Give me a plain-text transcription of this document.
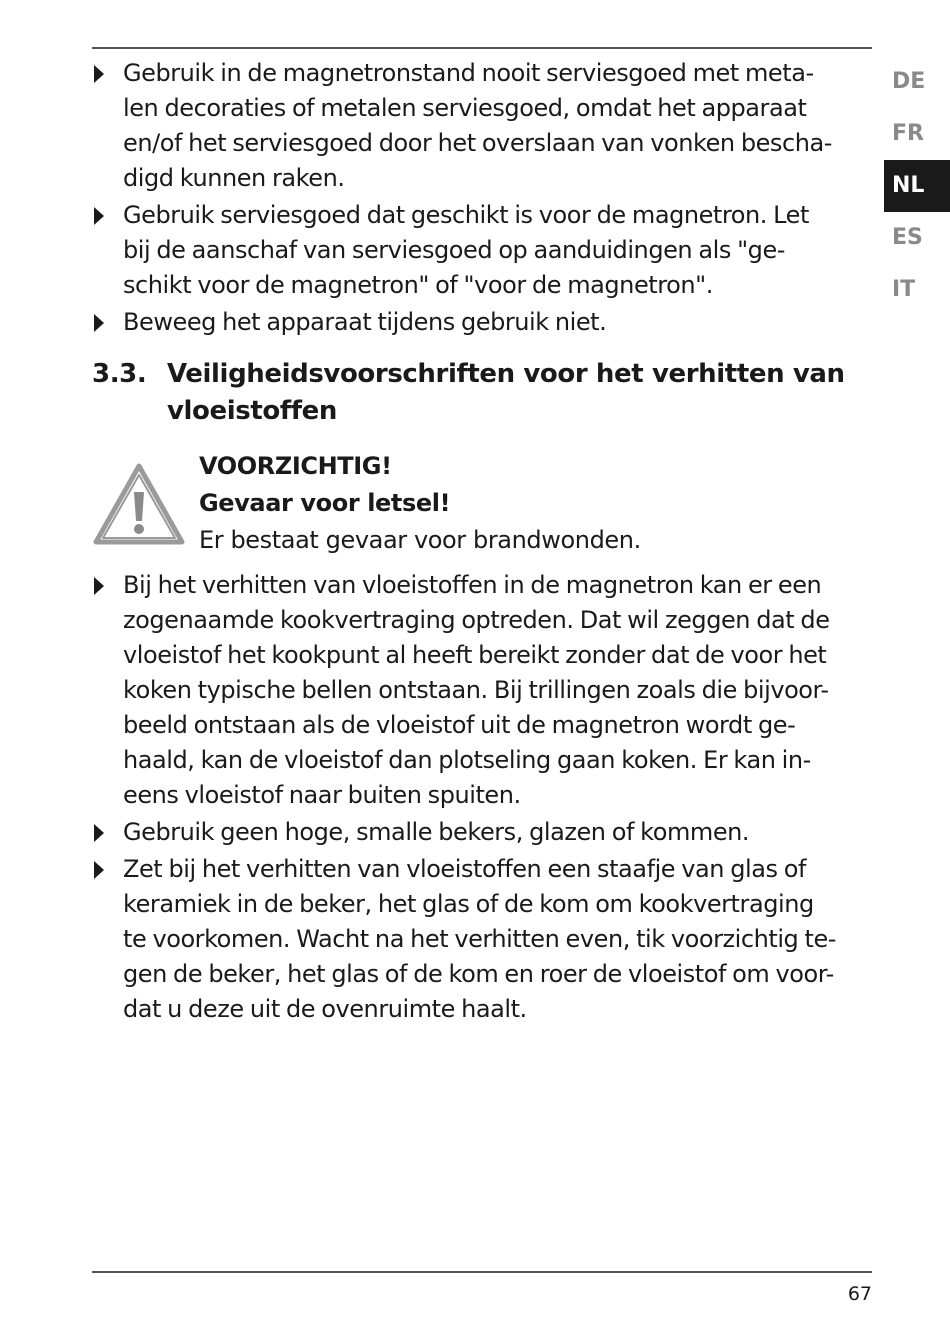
DE
FR
NL
ES
IT
Gebruik in de magnetronstand nooit serviesgoed met meta-
len decoraties of metalen serviesgoed, omdat het apparaat
en/of het serviesgoed door het overslaan van vonken bescha-
digd kunnen raken.
Gebruik serviesgoed dat geschikt is voor de magnetron. Let
bij de aanschaf van serviesgoed op aanduidingen als "ge-
schikt voor de magnetron" of "voor de magnetron".
Beweeg het apparaat tijdens gebruik niet.
3.3. Veiligheidsvoorschriften voor het verhitten van
vloeistoffen
VOORZICHTIG!
Gevaar voor letsel!
Er bestaat gevaar voor brandwonden.
Bij het verhitten van vloeistoffen in de magnetron kan er een
zogenaamde kookvertraging optreden. Dat wil zeggen dat de
vloeistof het kookpunt al heeft bereikt zonder dat de voor het
koken typische bellen ontstaan. Bij trillingen zoals die bijvoor-
beeld ontstaan als de vloeistof uit de magnetron wordt ge-
haald, kan de vloeistof dan plotseling gaan koken. Er kan in-
eens vloeistof naar buiten spuiten.
Gebruik geen hoge, smalle bekers, glazen of kommen.
Zet bij het verhitten van vloeistoffen een staafje van glas of
keramiek in de beker, het glas of de kom om kookvertraging
te voorkomen. Wacht na het verhitten even, tik voorzichtig te-
gen de beker, het glas of de kom en roer de vloeistof om voor-
dat u deze uit de ovenruimte haalt.
67
